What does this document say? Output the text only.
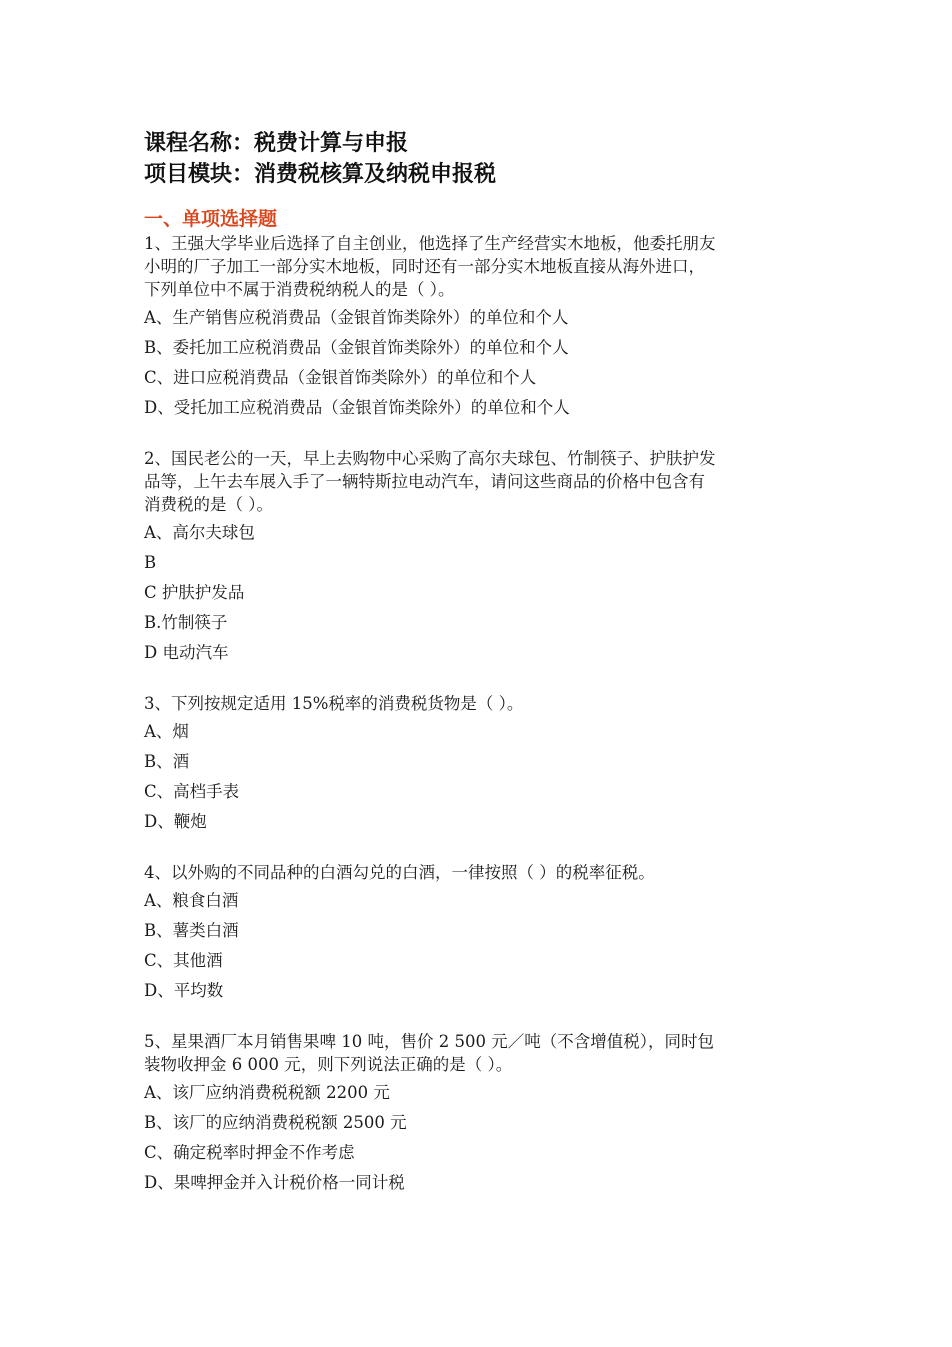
课程名称：税费计算与申报
项目模块：消费税核算及纳税申报税
一、单项选择题
1、王强大学毕业后选择了自主创业，他选择了生产经营实木地板，他委托朋友
小明的厂子加工一部分实木地板，同时还有一部分实木地板直接从海外进口，
下列单位中不属于消费税纳税人的是（ ）。
A、生产销售应税消费品（金银首饰类除外）的单位和个人
B、委托加工应税消费品（金银首饰类除外）的单位和个人
C、进口应税消费品（金银首饰类除外）的单位和个人
D、受托加工应税消费品（金银首饰类除外）的单位和个人
2、国民老公的一天，早上去购物中心采购了高尔夫球包、竹制筷子、护肤护发
品等，上午去车展入手了一辆特斯拉电动汽车，请问这些商品的价格中包含有
消费税的是（ ）。
A、高尔夫球包
B
C 护肤护发品
B.竹制筷子
D 电动汽车
3、下列按规定适用 15%税率的消费税货物是（ ）。
A、烟
B、酒
C、高档手表
D、鞭炮
4、以外购的不同品种的白酒勾兑的白酒，一律按照（ ）的税率征税。
A、粮食白酒
B、薯类白酒
C、其他酒
D、平均数
5、星果酒厂本月销售果啤 10 吨，售价 2 500 元／吨（不含增值税），同时包
装物收押金 6 000 元，则下列说法正确的是（ ）。
A、该厂应纳消费税税额 2200 元
B、该厂的应纳消费税税额 2500 元
C、确定税率时押金不作考虑
D、果啤押金并入计税价格一同计税
